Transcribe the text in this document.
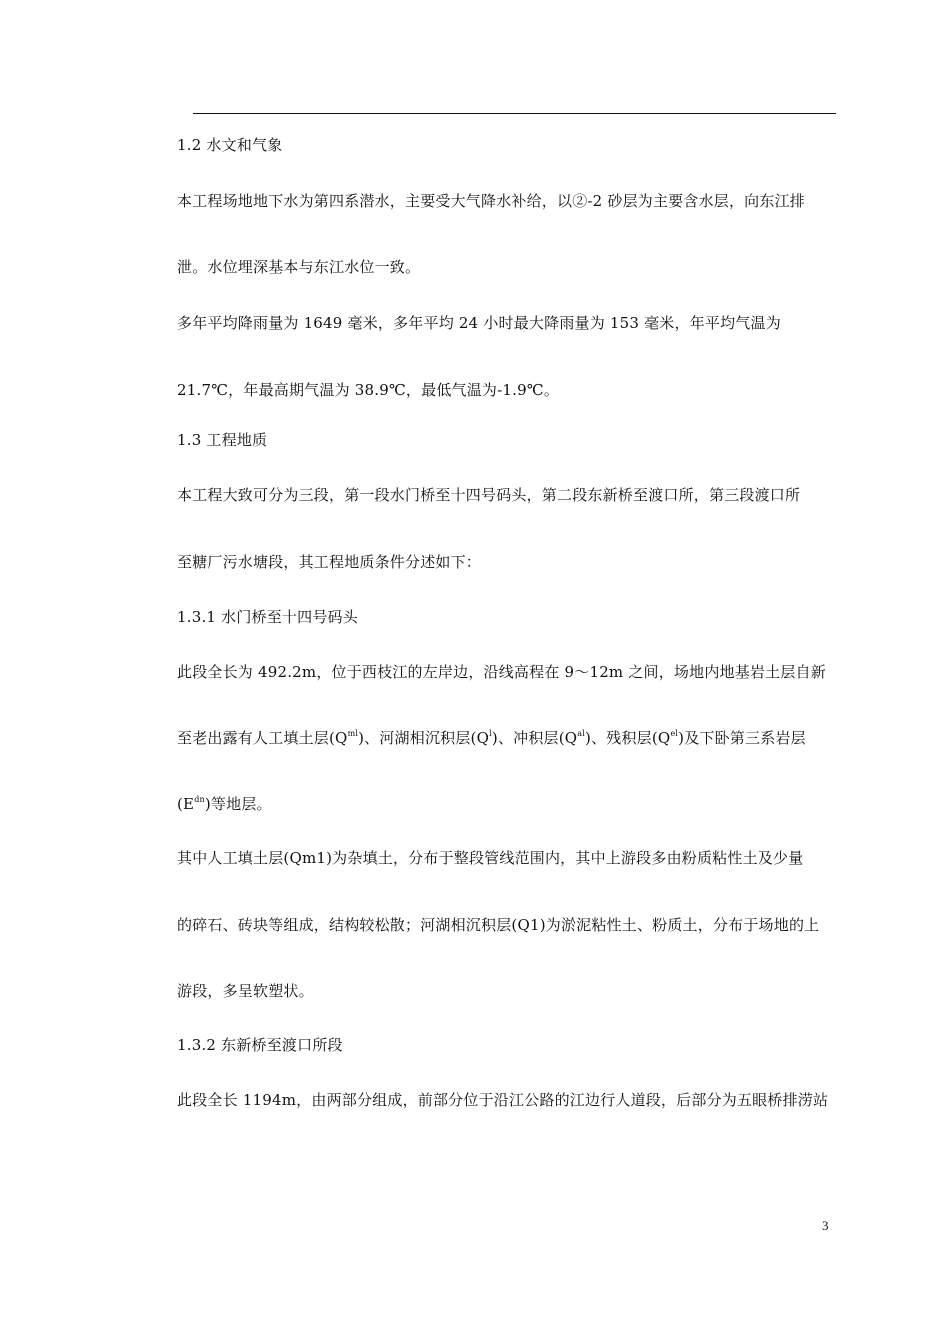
1.2 水文和气象
本工程场地地下水为第四系潜水，主要受大气降水补给，以②-2 砂层为主要含水层，向东江排
泄。水位埋深基本与东江水位一致。
多年平均降雨量为 1649 毫米，多年平均 24 小时最大降雨量为 153 毫米，年平均气温为
21.7℃，年最高期气温为 38.9℃，最低气温为-1.9℃。
1.3 工程地质
本工程大致可分为三段，第一段水门桥至十四号码头，第二段东新桥至渡口所，第三段渡口所
至糖厂污水塘段，其工程地质条件分述如下：
1.3.1 水门桥至十四号码头
此段全长为 492.2m，位于西枝江的左岸边，沿线高程在 9～12m 之间，场地内地基岩土层自新
至老出露有人工填土层$(Q^{ml})$、河湖相沉积层$(Q^l)$、冲积层$(Q^{al})$、残积层$(Q^{el})$及下卧第三系岩层
$(E^{dn})$等地层。
其中人工填土层(Qm1)为杂填土，分布于整段管线范围内，其中上游段多由粉质粘性土及少量
的碎石、砖块等组成，结构较松散；河湖相沉积层(Q1)为淤泥粘性土、粉质土，分布于场地的上
游段，多呈软塑状。
1.3.2 东新桥至渡口所段
此段全长 1194m，由两部分组成，前部分位于沿江公路的江边行人道段，后部分为五眼桥排涝站
3
